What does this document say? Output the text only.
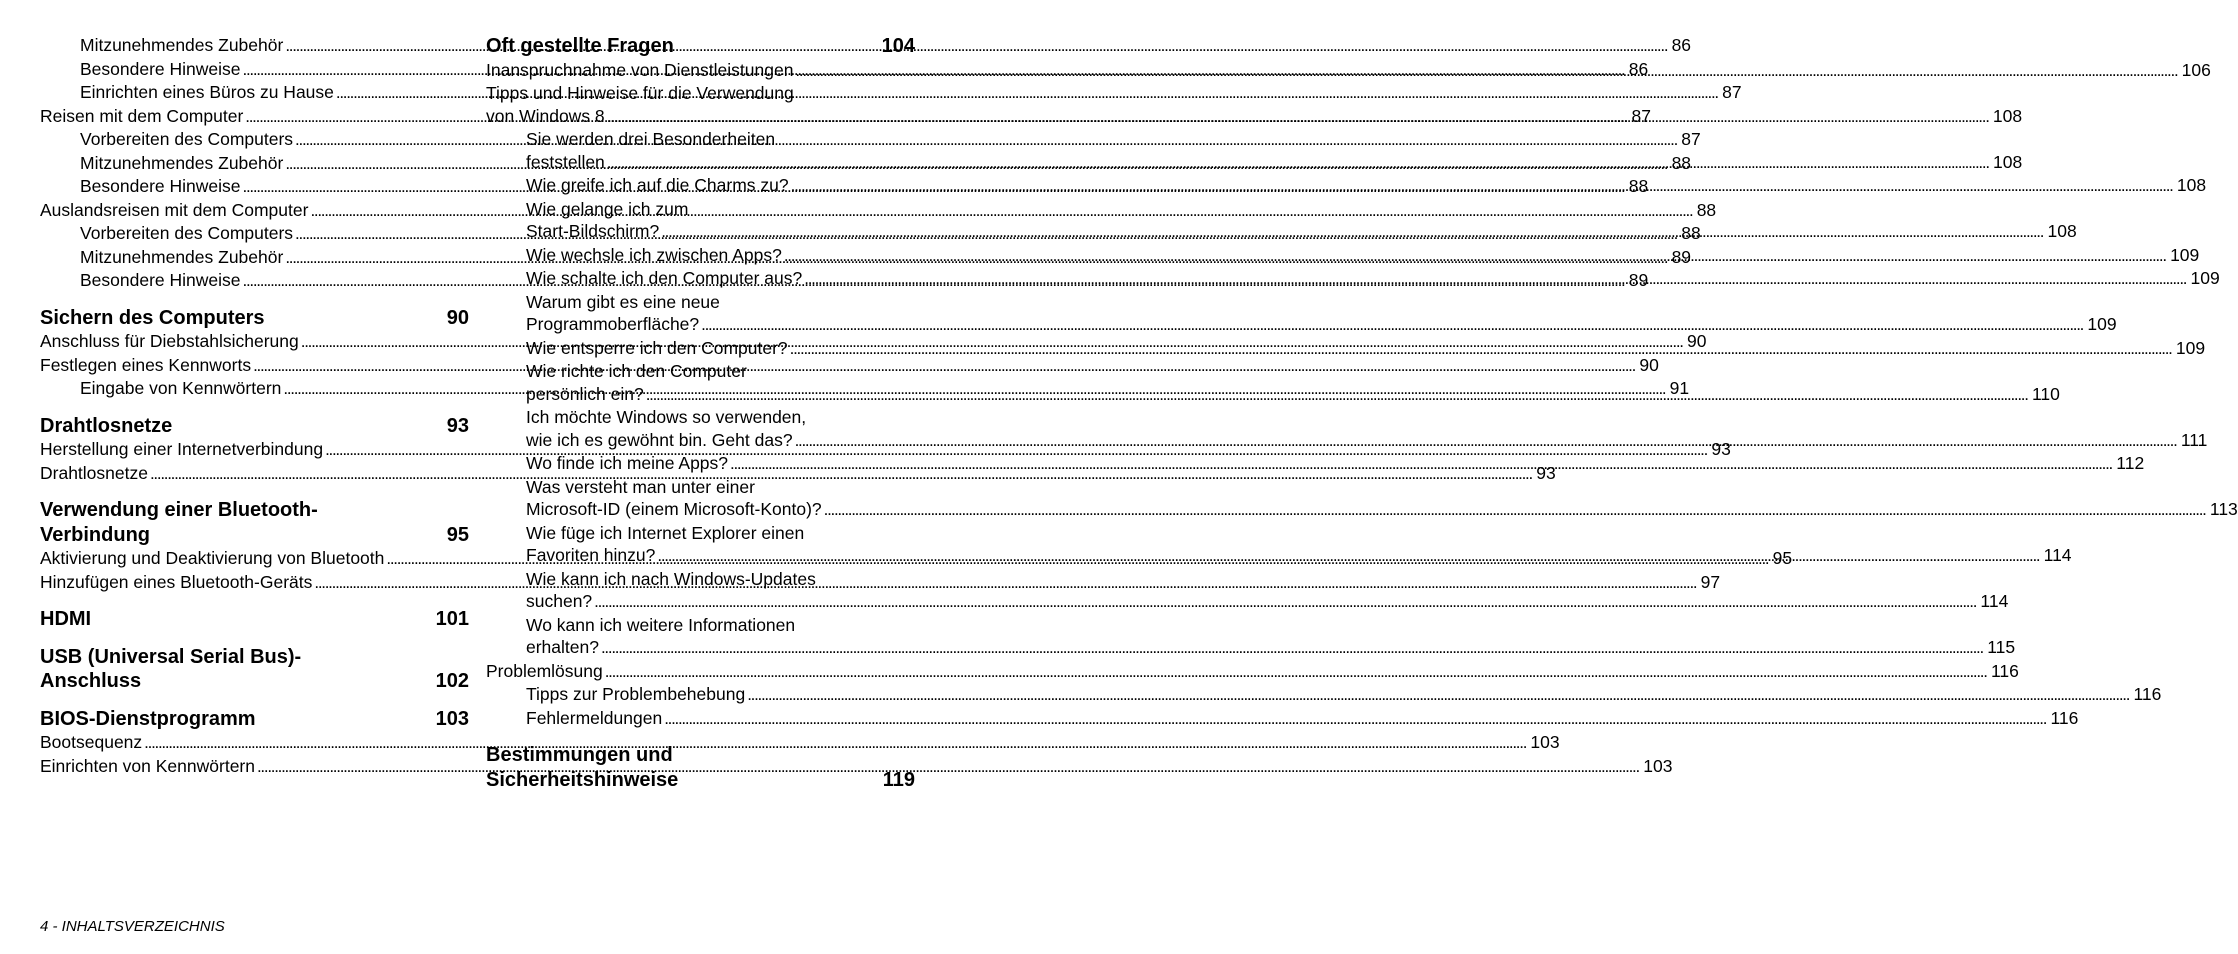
Mitzunehmendes Zubehör . . .	86
Besondere Hinweise . . .	86
Einrichten eines Büros zu Hause . . .	87
Reisen mit dem Computer . . .	87
Vorbereiten des Computers . . .	87
Mitzunehmendes Zubehör . . .	88
Besondere Hinweise . . .	88
Auslandsreisen mit dem Computer . . .	88
Vorbereiten des Computers . . .	88
Mitzunehmendes Zubehör . . .	89
Besondere Hinweise . . .	89
Sichern des Computers	90
Anschluss für Diebstahlsicherung . . .	90
Festlegen eines Kennworts . . .	90
Eingabe von Kennwörtern . . .	91
Drahtlosnetze	93
Herstellung einer Internetverbindung . . .	93
Drahtlosnetze . . .	93
Verwendung einer Bluetooth-
Verbindung	95
Aktivierung und Deaktivierung von Bluetooth . . .	95
Hinzufügen eines Bluetooth-Geräts . . .	97
HDMI	101
USB (Universal Serial Bus)-
Anschluss	102
BIOS-Dienstprogramm	103
Bootsequenz . . .	103
Einrichten von Kennwörtern . . .	103
Oft gestellte Fragen	104
Inanspruchnahme von Dienstleistungen . . .	106
Tipps und Hinweise für die Verwendung
von Windows 8 . . .	108
Sie werden drei Besonderheiten
feststellen . . .	108
Wie greife ich auf die Charms zu? . . .	108
Wie gelange ich zum
Start-Bildschirm? . . .	108
Wie wechsle ich zwischen Apps? . . .	109
Wie schalte ich den Computer aus? . . .	109
Warum gibt es eine neue
Programmoberfläche? . . .	109
Wie entsperre ich den Computer? . . .	109
Wie richte ich den Computer
persönlich ein? . . .	110
Ich möchte Windows so verwenden,
wie ich es gewöhnt bin. Geht das? . . .	111
Wo finde ich meine Apps? . . .	112
Was versteht man unter einer
Microsoft-ID (einem Microsoft-Konto)? . . .	113
Wie füge ich Internet Explorer einen
Favoriten hinzu? . . .	114
Wie kann ich nach Windows-Updates
suchen? . . .	114
Wo kann ich weitere Informationen
erhalten? . . .	115
Problemlösung . . .	116
Tipps zur Problembehebung . . .	116
Fehlermeldungen . . .	116
Bestimmungen und
Sicherheitshinweise	119
4 - INHALTSVERZEICHNIS
